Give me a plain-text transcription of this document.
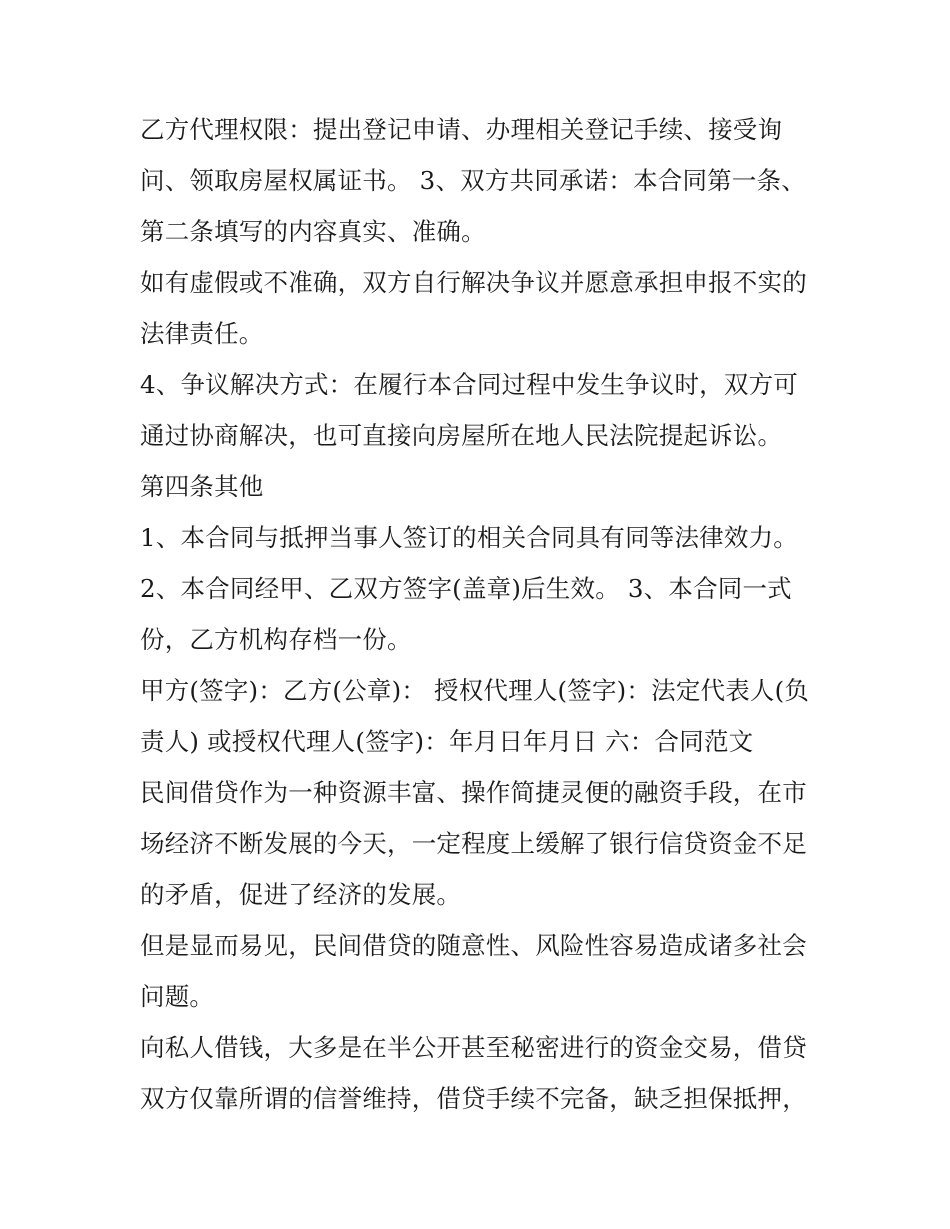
乙方代理权限：提出登记申请、办理相关登记手续、接受询
问、领取房屋权属证书。 3、双方共同承诺：本合同第一条、
第二条填写的内容真实、准确。
如有虚假或不准确，双方自行解决争议并愿意承担申报不实的
法律责任。
4、争议解决方式：在履行本合同过程中发生争议时，双方可
通过协商解决，也可直接向房屋所在地人民法院提起诉讼。
第四条其他
1、本合同与抵押当事人签订的相关合同具有同等法律效力。
2、本合同经甲、乙双方签字(盖章)后生效。 3、本合同一式
份，乙方机构存档一份。
甲方(签字)：乙方(公章)： 授权代理人(签字)：法定代表人(负
责人) 或授权代理人(签字)：年月日年月日 六：合同范文
民间借贷作为一种资源丰富、操作简捷灵便的融资手段，在市
场经济不断发展的今天，一定程度上缓解了银行信贷资金不足
的矛盾，促进了经济的发展。
但是显而易见，民间借贷的随意性、风险性容易造成诸多社会
问题。
向私人借钱，大多是在半公开甚至秘密进行的资金交易，借贷
双方仅靠所谓的信誉维持，借贷手续不完备，缺乏担保抵押，
